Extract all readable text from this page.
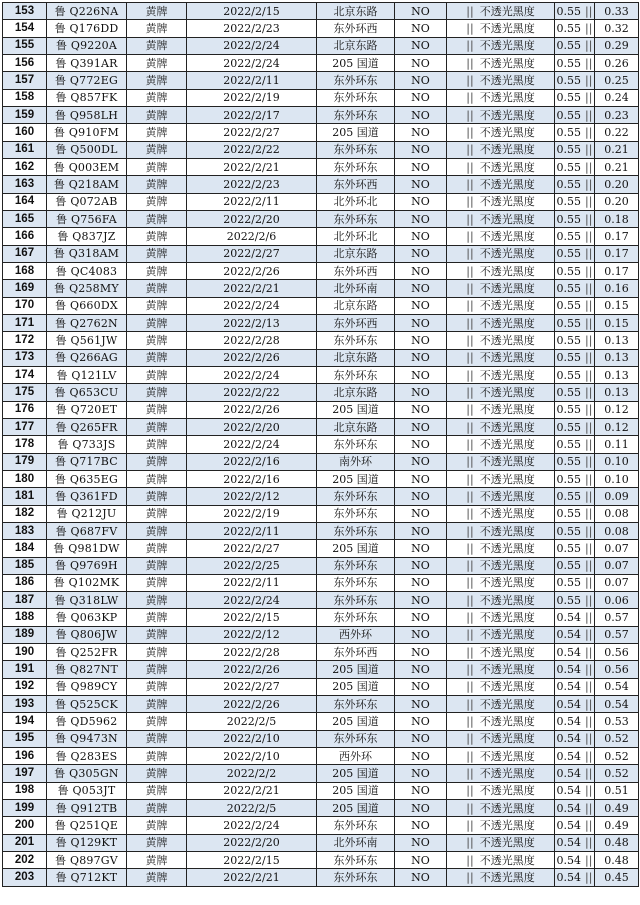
153	鲁 Q226NA	黄牌	2022/2/15	北京东路	NO	|| 不透光黑度	0.55 ||	0.33
154	鲁 Q176DD	黄牌	2022/2/23	东外环西	NO	|| 不透光黑度	0.55 ||	0.32
155	鲁 Q9220A	黄牌	2022/2/24	北京东路	NO	|| 不透光黑度	0.55 ||	0.29
156	鲁 Q391AR	黄牌	2022/2/24	205 国道	NO	|| 不透光黑度	0.55 ||	0.26
157	鲁 Q772EG	黄牌	2022/2/11	东外环东	NO	|| 不透光黑度	0.55 ||	0.25
158	鲁 Q857FK	黄牌	2022/2/19	东外环东	NO	|| 不透光黑度	0.55 ||	0.24
159	鲁 Q958LH	黄牌	2022/2/17	东外环东	NO	|| 不透光黑度	0.55 ||	0.23
160	鲁 Q910FM	黄牌	2022/2/27	205 国道	NO	|| 不透光黑度	0.55 ||	0.22
161	鲁 Q500DL	黄牌	2022/2/22	东外环东	NO	|| 不透光黑度	0.55 ||	0.21
162	鲁 Q003EM	黄牌	2022/2/21	东外环东	NO	|| 不透光黑度	0.55 ||	0.21
163	鲁 Q218AM	黄牌	2022/2/23	东外环西	NO	|| 不透光黑度	0.55 ||	0.20
164	鲁 Q072AB	黄牌	2022/2/11	北外环北	NO	|| 不透光黑度	0.55 ||	0.20
165	鲁 Q756FA	黄牌	2022/2/20	东外环东	NO	|| 不透光黑度	0.55 ||	0.18
166	鲁 Q837JZ	黄牌	2022/2/6	北外环北	NO	|| 不透光黑度	0.55 ||	0.17
167	鲁 Q318AM	黄牌	2022/2/27	北京东路	NO	|| 不透光黑度	0.55 ||	0.17
168	鲁 QC4083	黄牌	2022/2/26	东外环西	NO	|| 不透光黑度	0.55 ||	0.17
169	鲁 Q258MY	黄牌	2022/2/21	北外环南	NO	|| 不透光黑度	0.55 ||	0.16
170	鲁 Q660DX	黄牌	2022/2/24	北京东路	NO	|| 不透光黑度	0.55 ||	0.15
171	鲁 Q2762N	黄牌	2022/2/13	东外环西	NO	|| 不透光黑度	0.55 ||	0.15
172	鲁 Q561JW	黄牌	2022/2/28	东外环东	NO	|| 不透光黑度	0.55 ||	0.13
173	鲁 Q266AG	黄牌	2022/2/26	北京东路	NO	|| 不透光黑度	0.55 ||	0.13
174	鲁 Q121LV	黄牌	2022/2/24	东外环东	NO	|| 不透光黑度	0.55 ||	0.13
175	鲁 Q653CU	黄牌	2022/2/22	北京东路	NO	|| 不透光黑度	0.55 ||	0.13
176	鲁 Q720ET	黄牌	2022/2/26	205 国道	NO	|| 不透光黑度	0.55 ||	0.12
177	鲁 Q265FR	黄牌	2022/2/20	北京东路	NO	|| 不透光黑度	0.55 ||	0.12
178	鲁 Q733JS	黄牌	2022/2/24	东外环东	NO	|| 不透光黑度	0.55 ||	0.11
179	鲁 Q717BC	黄牌	2022/2/16	南外环	NO	|| 不透光黑度	0.55 ||	0.10
180	鲁 Q635EG	黄牌	2022/2/16	205 国道	NO	|| 不透光黑度	0.55 ||	0.10
181	鲁 Q361FD	黄牌	2022/2/12	东外环东	NO	|| 不透光黑度	0.55 ||	0.09
182	鲁 Q212JU	黄牌	2022/2/19	东外环东	NO	|| 不透光黑度	0.55 ||	0.08
183	鲁 Q687FV	黄牌	2022/2/11	东外环东	NO	|| 不透光黑度	0.55 ||	0.08
184	鲁 Q981DW	黄牌	2022/2/27	205 国道	NO	|| 不透光黑度	0.55 ||	0.07
185	鲁 Q9769H	黄牌	2022/2/25	东外环东	NO	|| 不透光黑度	0.55 ||	0.07
186	鲁 Q102MK	黄牌	2022/2/11	东外环东	NO	|| 不透光黑度	0.55 ||	0.07
187	鲁 Q318LW	黄牌	2022/2/24	东外环东	NO	|| 不透光黑度	0.55 ||	0.06
188	鲁 Q063KP	黄牌	2022/2/15	东外环东	NO	|| 不透光黑度	0.54 ||	0.57
189	鲁 Q806JW	黄牌	2022/2/12	西外环	NO	|| 不透光黑度	0.54 ||	0.57
190	鲁 Q252FR	黄牌	2022/2/28	东外环西	NO	|| 不透光黑度	0.54 ||	0.56
191	鲁 Q827NT	黄牌	2022/2/26	205 国道	NO	|| 不透光黑度	0.54 ||	0.56
192	鲁 Q989CY	黄牌	2022/2/27	205 国道	NO	|| 不透光黑度	0.54 ||	0.54
193	鲁 Q525CK	黄牌	2022/2/26	东外环东	NO	|| 不透光黑度	0.54 ||	0.54
194	鲁 QD5962	黄牌	2022/2/5	205 国道	NO	|| 不透光黑度	0.54 ||	0.53
195	鲁 Q9473N	黄牌	2022/2/10	东外环东	NO	|| 不透光黑度	0.54 ||	0.52
196	鲁 Q283ES	黄牌	2022/2/10	西外环	NO	|| 不透光黑度	0.54 ||	0.52
197	鲁 Q305GN	黄牌	2022/2/2	205 国道	NO	|| 不透光黑度	0.54 ||	0.52
198	鲁 Q053JT	黄牌	2022/2/21	205 国道	NO	|| 不透光黑度	0.54 ||	0.51
199	鲁 Q912TB	黄牌	2022/2/5	205 国道	NO	|| 不透光黑度	0.54 ||	0.49
200	鲁 Q251QE	黄牌	2022/2/24	东外环东	NO	|| 不透光黑度	0.54 ||	0.49
201	鲁 Q129KT	黄牌	2022/2/20	北外环南	NO	|| 不透光黑度	0.54 ||	0.48
202	鲁 Q897GV	黄牌	2022/2/15	东外环东	NO	|| 不透光黑度	0.54 ||	0.48
203	鲁 Q712KT	黄牌	2022/2/21	东外环东	NO	|| 不透光黑度	0.54 ||	0.45
